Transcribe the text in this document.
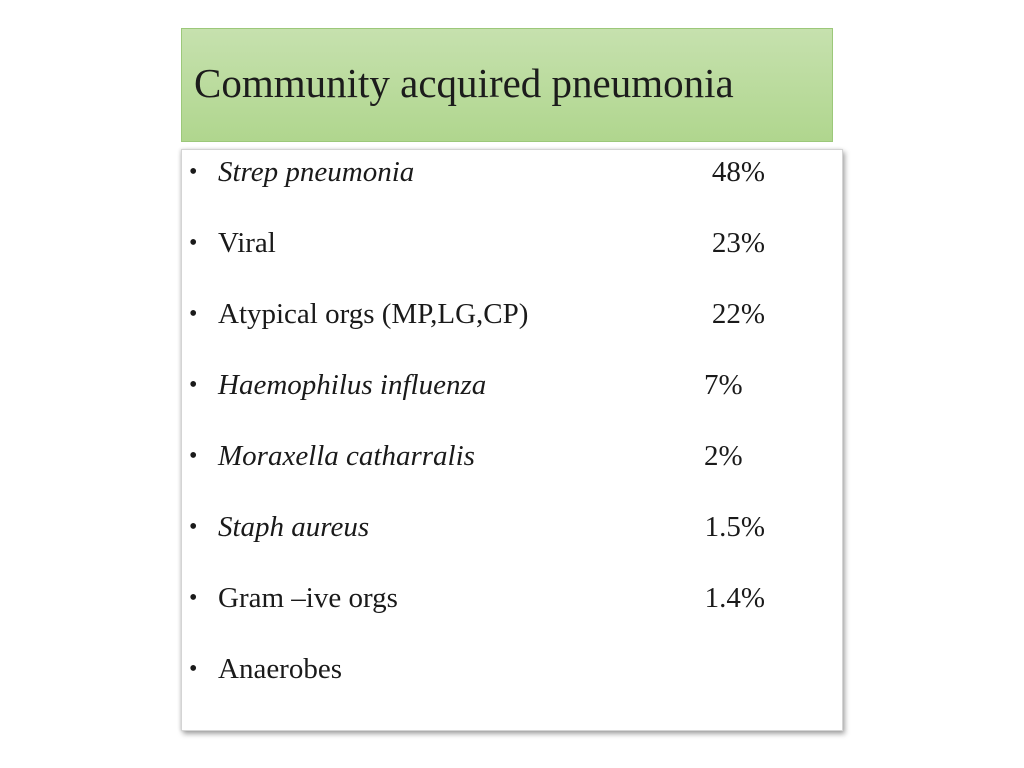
Community acquired pneumonia
• Strep pneumonia	48%
• Viral	23%
• Atypical orgs (MP,LG,CP)	22%
• Haemophilus influenza	7%
• Moraxella catharralis	2%
• Staph aureus	1.5%
• Gram –ive orgs	1.4%
• Anaerobes
